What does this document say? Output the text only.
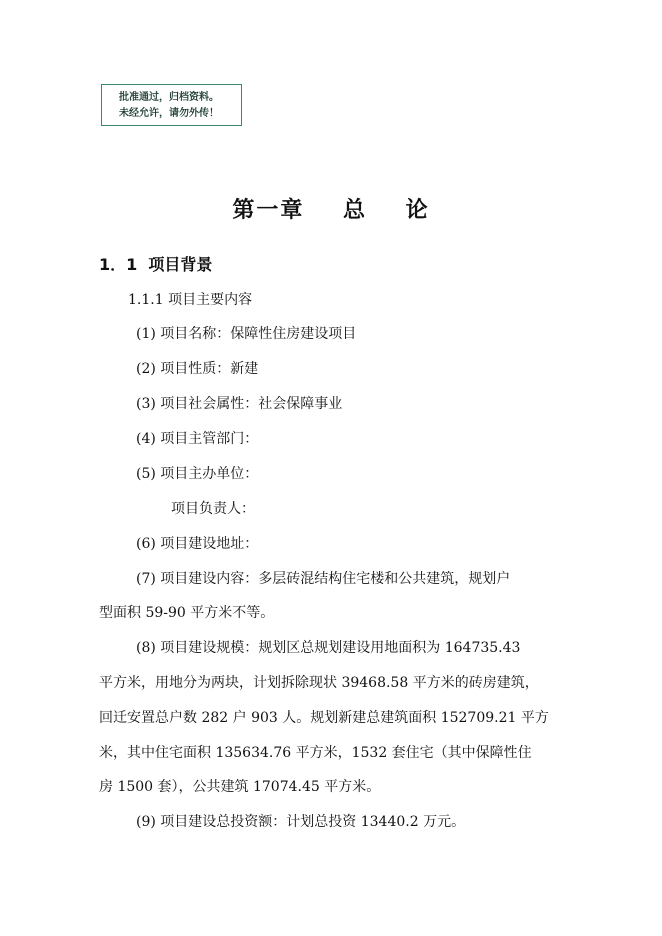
批准通过，归档资料。
未经允许，请勿外传！
第一章    总    论
1．1  项目背景
1.1.1 项目主要内容
(1) 项目名称：保障性住房建设项目
(2) 项目性质：新建
(3) 项目社会属性：社会保障事业
(4) 项目主管部门：
(5) 项目主办单位：
项目负责人：
(6) 项目建设地址：
(7) 项目建设内容：多层砖混结构住宅楼和公共建筑，规划户
型面积 59-90 平方米不等。
(8) 项目建设规模：规划区总规划建设用地面积为 164735.43
平方米，用地分为两块，计划拆除现状 39468.58 平方米的砖房建筑，
回迁安置总户数 282 户 903 人。规划新建总建筑面积 152709.21 平方
米，其中住宅面积 135634.76 平方米，1532 套住宅（其中保障性住
房 1500 套），公共建筑 17074.45 平方米。
(9) 项目建设总投资额：计划总投资 13440.2 万元。
